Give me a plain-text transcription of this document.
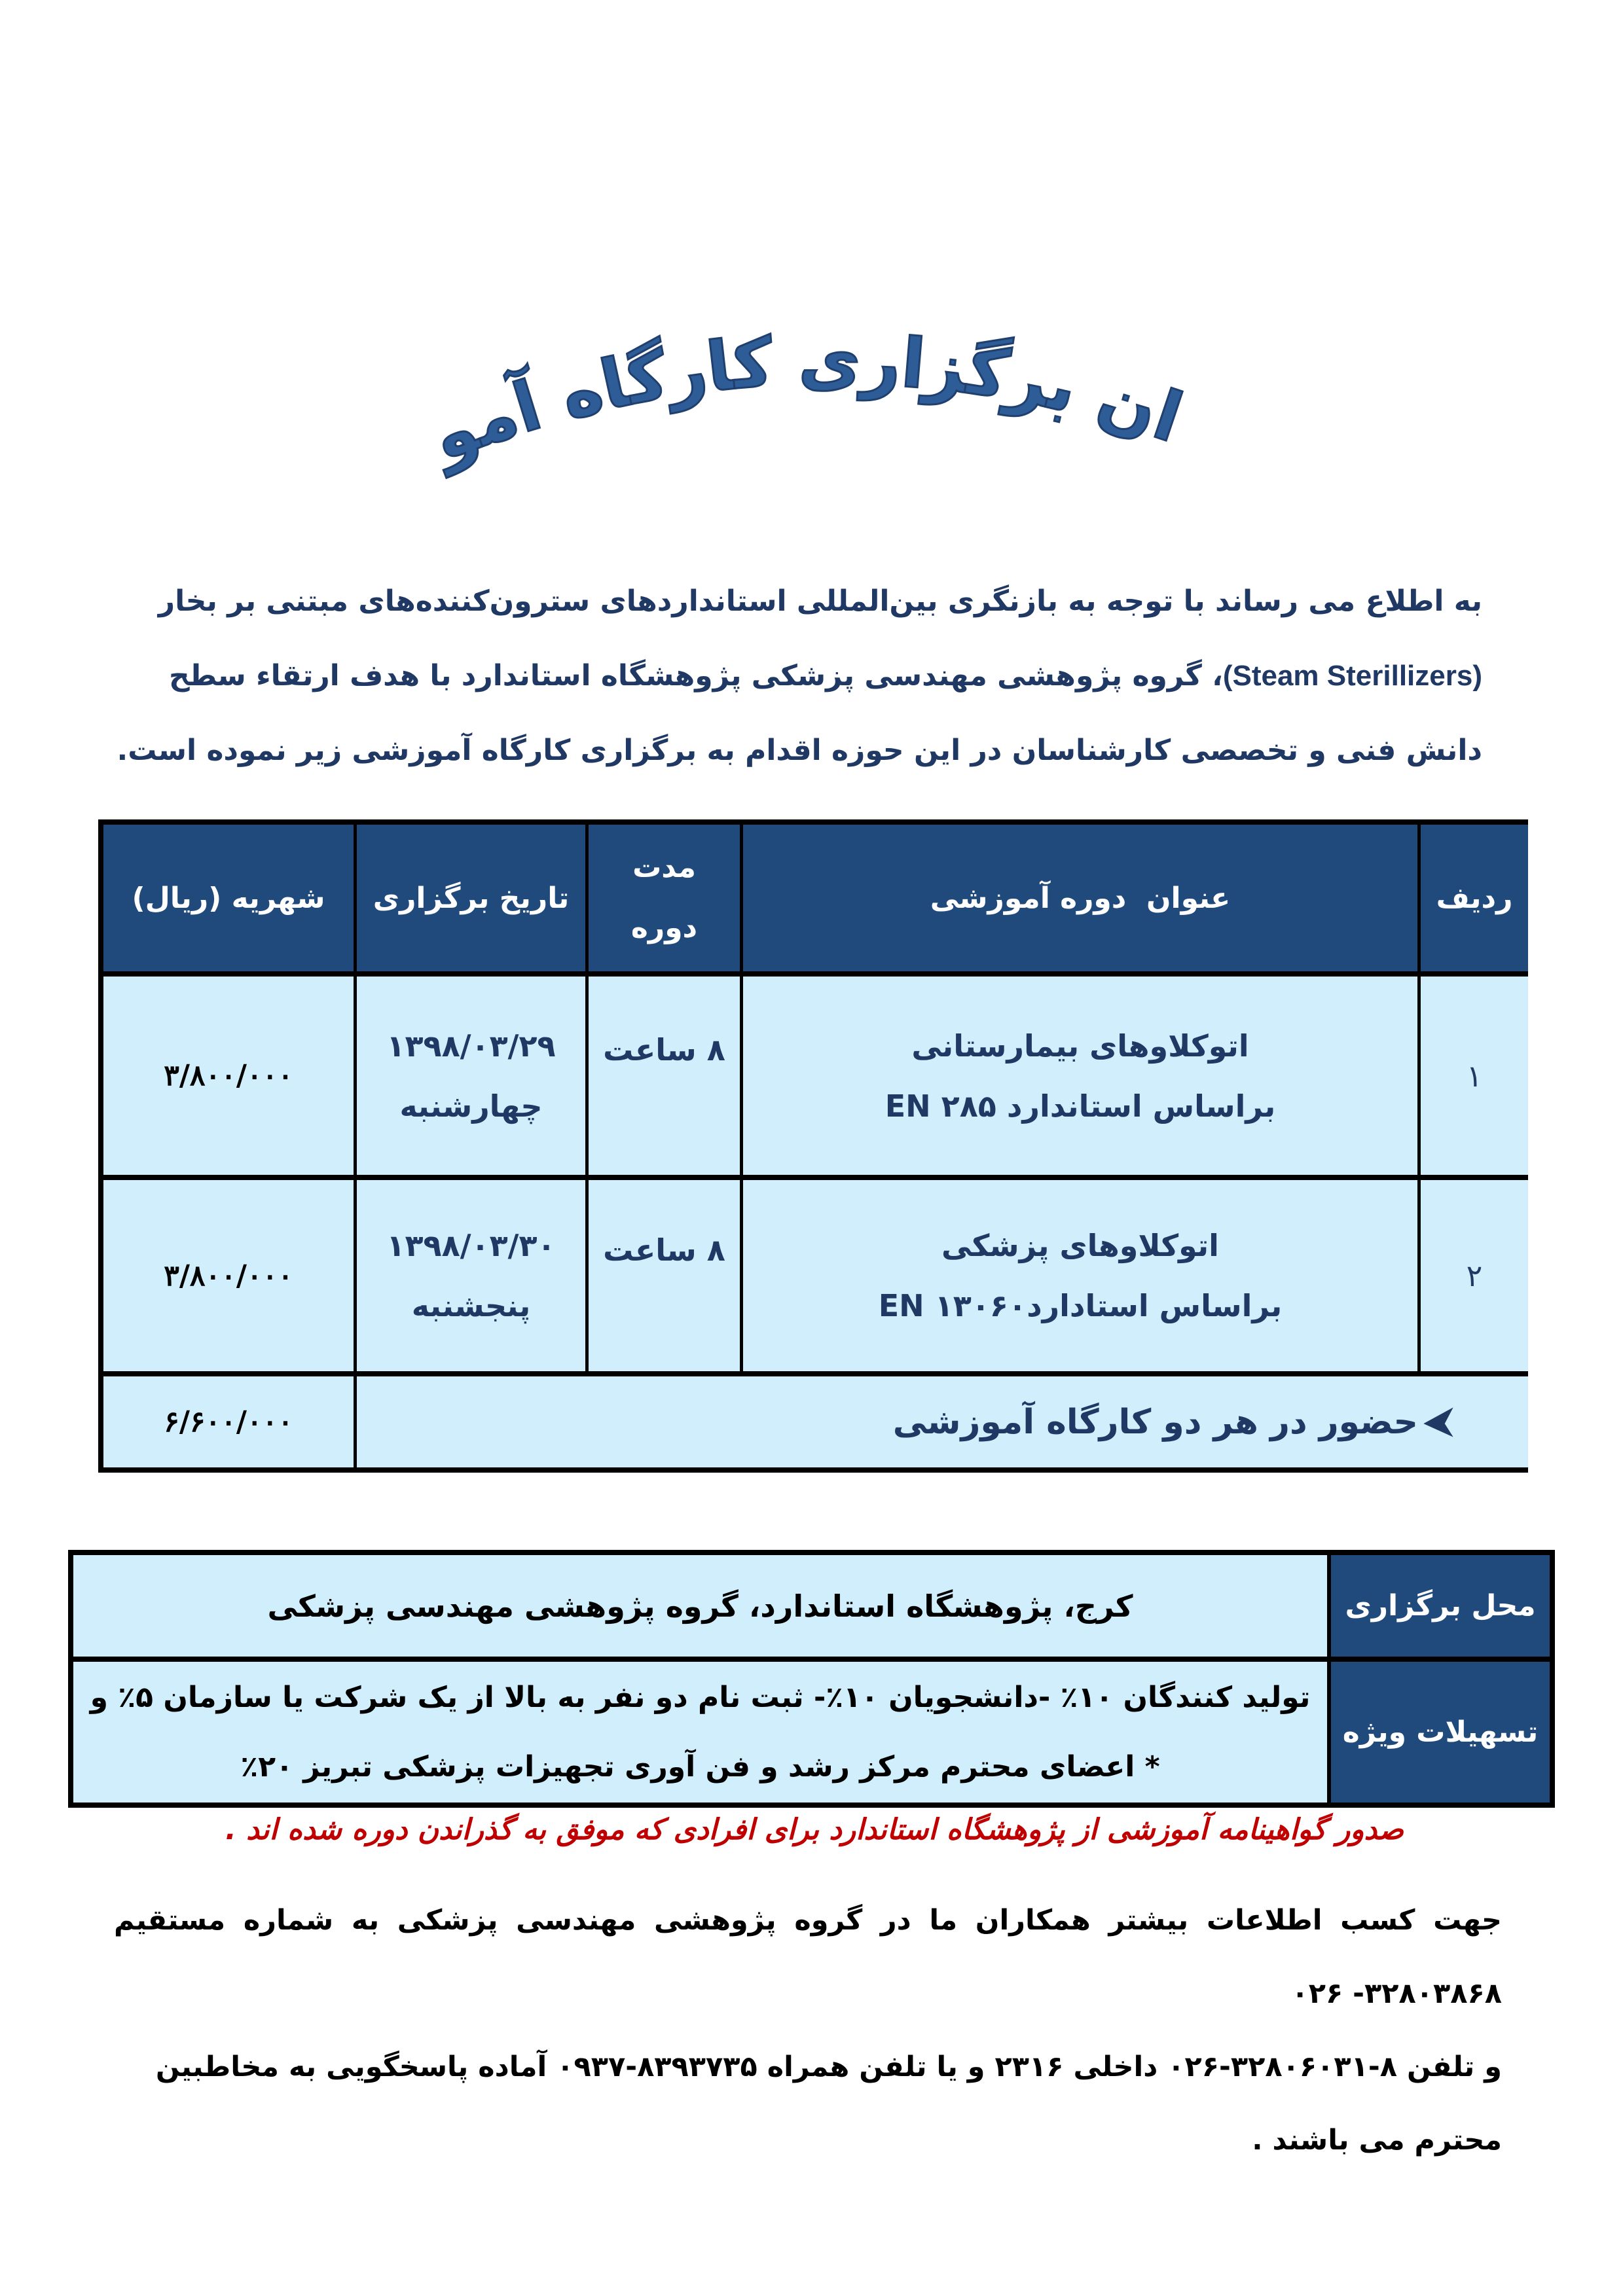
ان برگزاری کارگاه آمو
به اطلاع می رساند با توجه به بازنگری بین‌المللی استانداردهای سترون‌کننده‌های مبتنی بر بخار
(Steam Sterillizers)، گروه پژوهشی مهندسی پزشکی پژوهشگاه استاندارد با هدف ارتقاء سطح
دانش فنی و تخصصی کارشناسان در این حوزه اقدام به برگزاری کارگاه آموزشی زیر نموده است.
ردیف
عنوان  دوره آموزشی
مدت
دوره
تاریخ برگزاری
شهریه (ریال)
۱
اتوکلاوهای بیمارستانی
براساس استاندارد ۲۸۵ EN
۸ ساعت
۱۳۹۸/۰۳/۲۹
چهارشنبه
۳/۸۰۰/۰۰۰
۲
اتوکلاوهای پزشکی
براساس استادارد۱۳۰۶۰ EN
۸ ساعت
۱۳۹۸/۰۳/۳۰
پنجشنبه
۳/۸۰۰/۰۰۰
حضور در هر دو کارگاه آموزشی
۶/۶۰۰/۰۰۰
کرج، پژوهشگاه استاندارد، گروه پژوهشی مهندسی پزشکی	محل برگزاری
تولید کنندگان ۱۰٪ -دانشجویان ۱۰٪- ثبت نام دو نفر به بالا از یک شرکت یا سازمان ۵٪ و
* اعضای محترم مرکز رشد و فن آوری تجهیزات پزشکی تبریز ۲۰٪
تسهیلات ویژه
صدور گواهینامه آموزشی از پژوهشگاه استاندارد برای افرادی که موفق به گذراندن دوره شده اند .
جهت کسب اطلاعات بیشتر همکاران ما در گروه پژوهشی مهندسی پزشکی به شماره مستقیم ۳۲۸۰۳۸۶۸- ۰۲۶
و تلفن ۸-۳۲۸۰۶۰۳۱-۰۲۶ داخلی ۲۳۱۶ و یا تلفن همراه ۸۳۹۳۷۳۵-۰۹۳۷ آماده پاسخگویی به مخاطبین
محترم می باشند .
